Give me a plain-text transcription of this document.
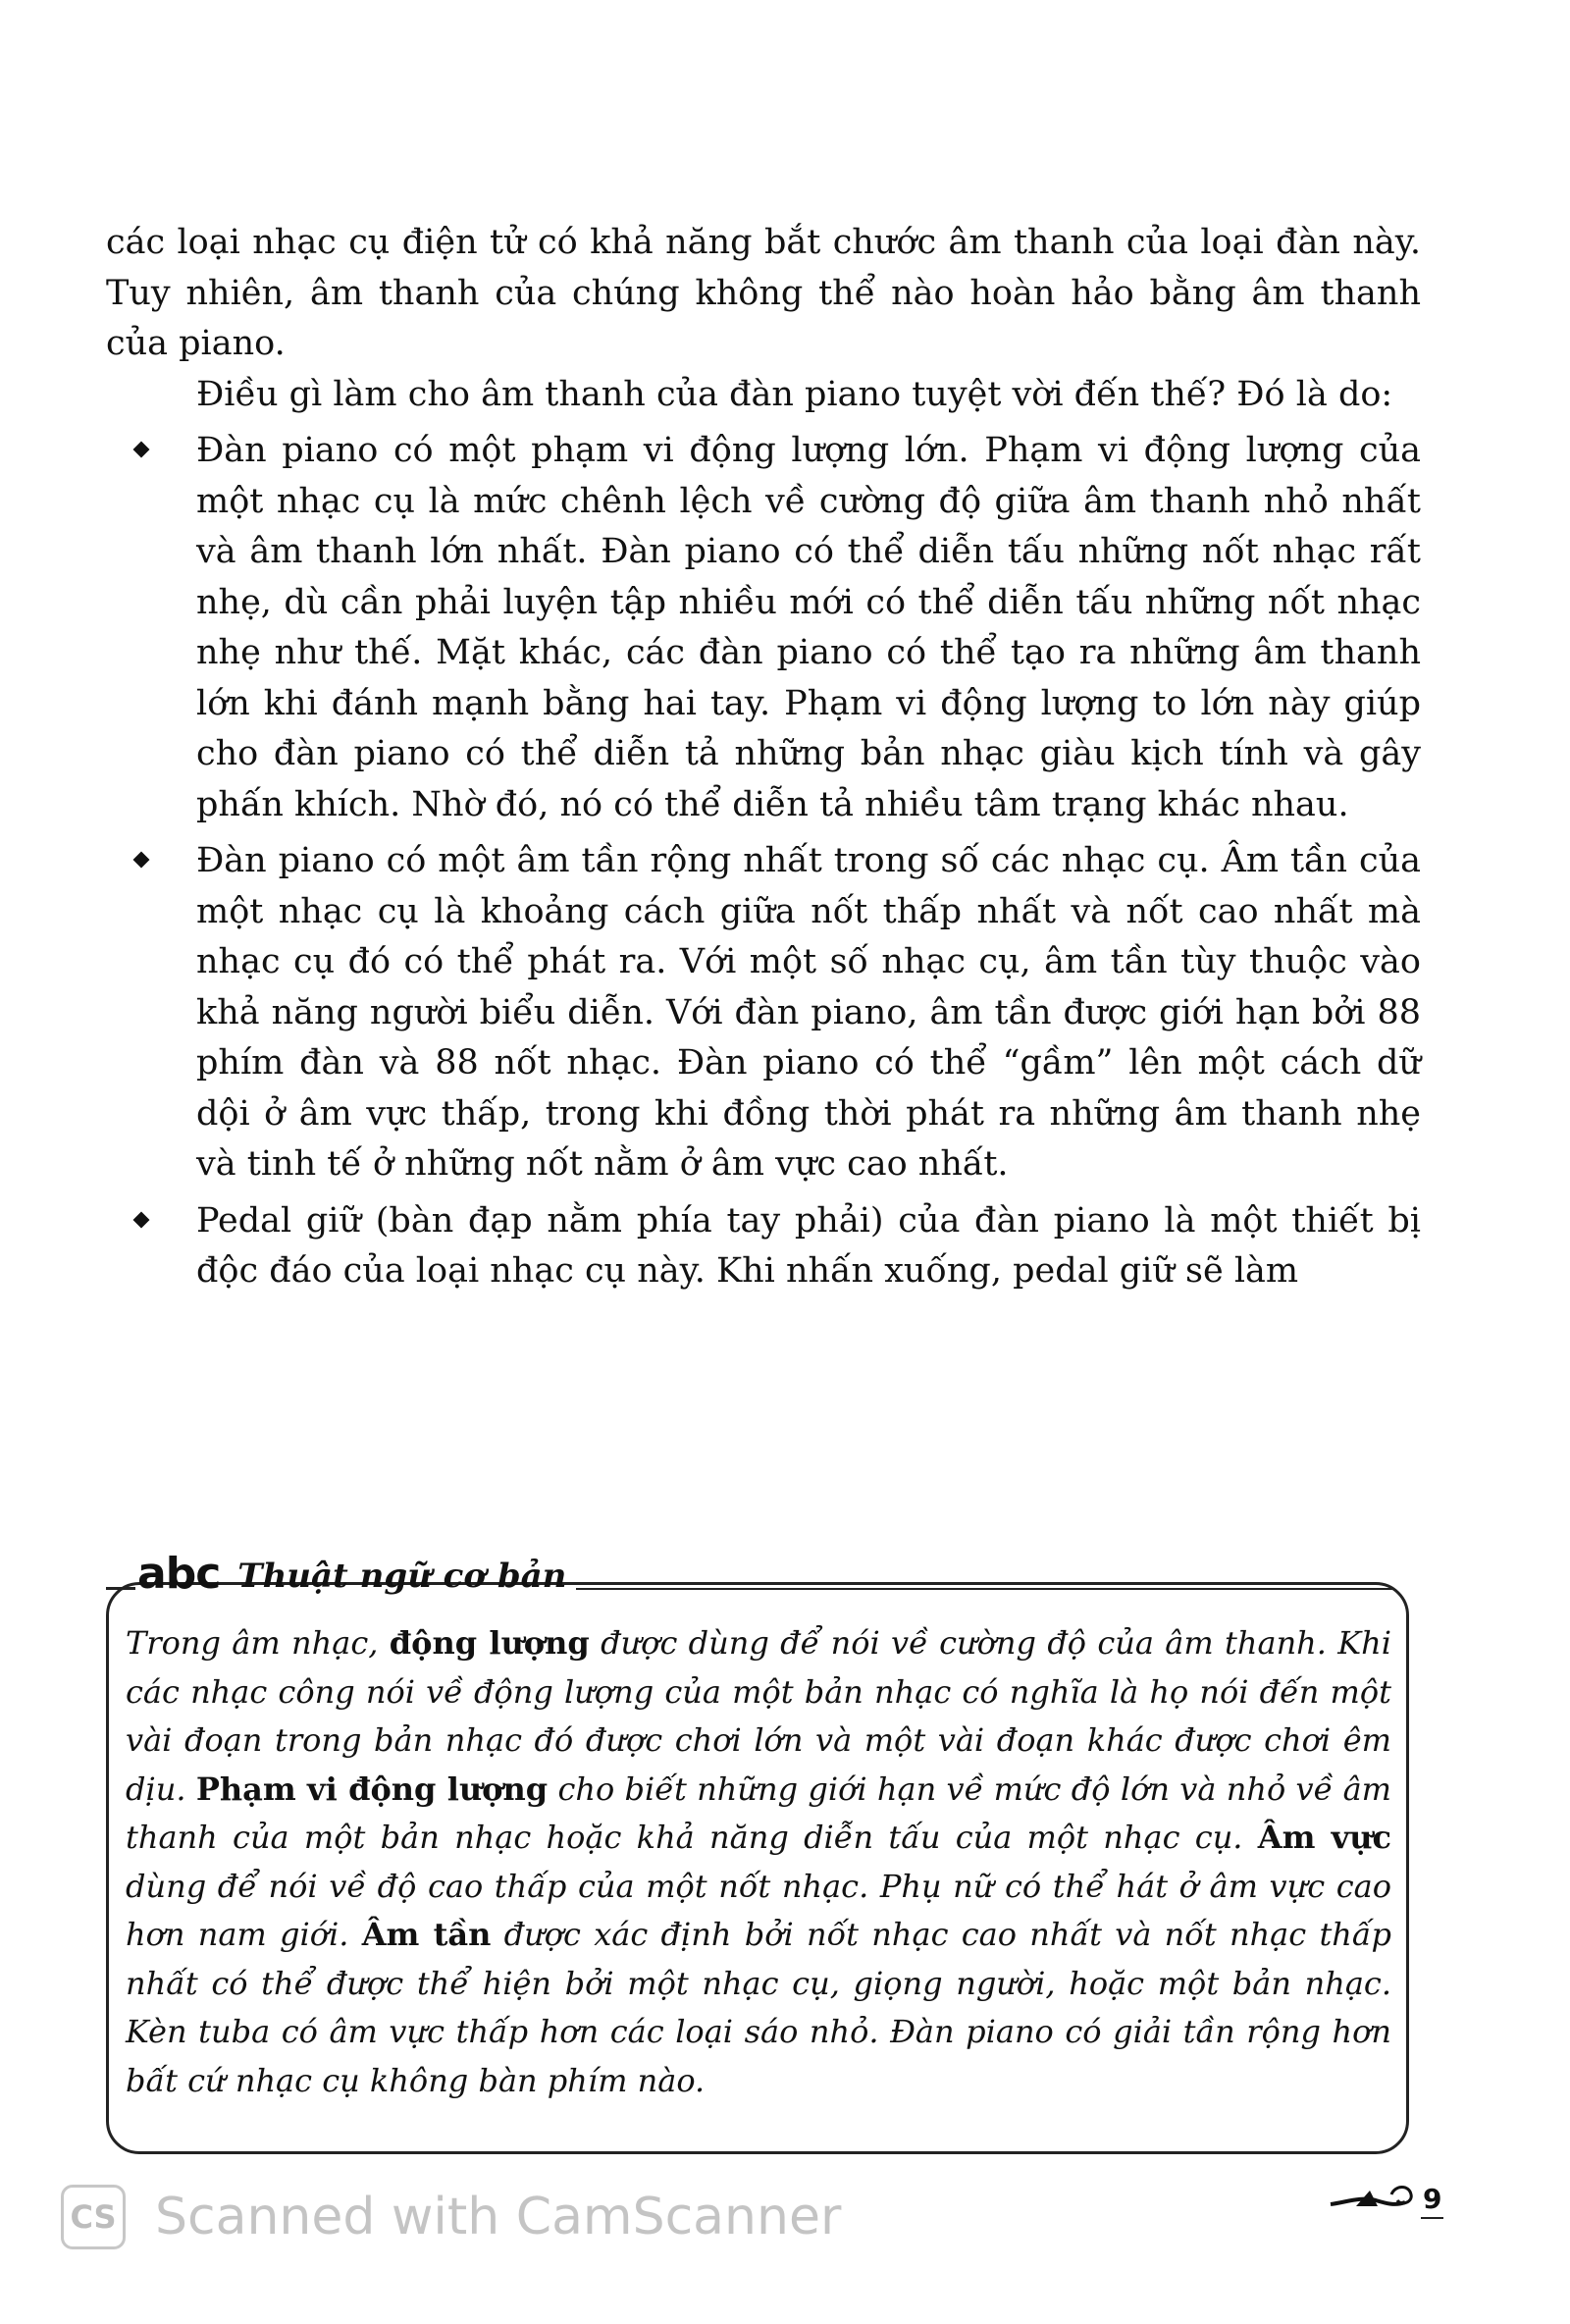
các loại nhạc cụ điện tử có khả năng bắt chước âm thanh của loại đàn này. Tuy nhiên, âm thanh của chúng không thể nào hoàn hảo bằng âm thanh của piano.

Điều gì làm cho âm thanh của đàn piano tuyệt vời đến thế? Đó là do:

Đàn piano có một phạm vi động lượng lớn. Phạm vi động lượng của một nhạc cụ là mức chênh lệch về cường độ giữa âm thanh nhỏ nhất và âm thanh lớn nhất. Đàn piano có thể diễn tấu những nốt nhạc rất nhẹ, dù cần phải luyện tập nhiều mới có thể diễn tấu những nốt nhạc nhẹ như thế. Mặt khác, các đàn piano có thể tạo ra những âm thanh lớn khi đánh mạnh bằng hai tay. Phạm vi động lượng to lớn này giúp cho đàn piano có thể diễn tả những bản nhạc giàu kịch tính và gây phấn khích. Nhờ đó, nó có thể diễn tả nhiều tâm trạng khác nhau.
Đàn piano có một âm tần rộng nhất trong số các nhạc cụ. Âm tần của một nhạc cụ là khoảng cách giữa nốt thấp nhất và nốt cao nhất mà nhạc cụ đó có thể phát ra. Với một số nhạc cụ, âm tần tùy thuộc vào khả năng người biểu diễn. Với đàn piano, âm tần được giới hạn bởi 88 phím đàn và 88 nốt nhạc. Đàn piano có thể “gầm” lên một cách dữ dội ở âm vực thấp, trong khi đồng thời phát ra những âm thanh nhẹ và tinh tế ở những nốt nằm ở âm vực cao nhất.
Pedal giữ (bàn đạp nằm phía tay phải) của đàn piano là một thiết bị độc đáo của loại nhạc cụ này. Khi nhấn xuống, pedal giữ sẽ làm
abc Thuật ngữ cơ bản
Trong âm nhạc, động lượng được dùng để nói về cường độ của âm thanh. Khi các nhạc công nói về động lượng của một bản nhạc có nghĩa là họ nói đến một vài đoạn trong bản nhạc đó được chơi lớn và một vài đoạn khác được chơi êm dịu. Phạm vi động lượng cho biết những giới hạn về mức độ lớn và nhỏ về âm thanh của một bản nhạc hoặc khả năng diễn tấu của một nhạc cụ. Âm vực dùng để nói về độ cao thấp của một nốt nhạc. Phụ nữ có thể hát ở âm vực cao hơn nam giới. Âm tần được xác định bởi nốt nhạc cao nhất và nốt nhạc thấp nhất có thể được thể hiện bởi một nhạc cụ, giọng người, hoặc một bản nhạc. Kèn tuba có âm vực thấp hơn các loại sáo nhỏ. Đàn piano có giải tần rộng hơn bất cứ nhạc cụ không bàn phím nào.
CS Scanned with CamScanner	9
